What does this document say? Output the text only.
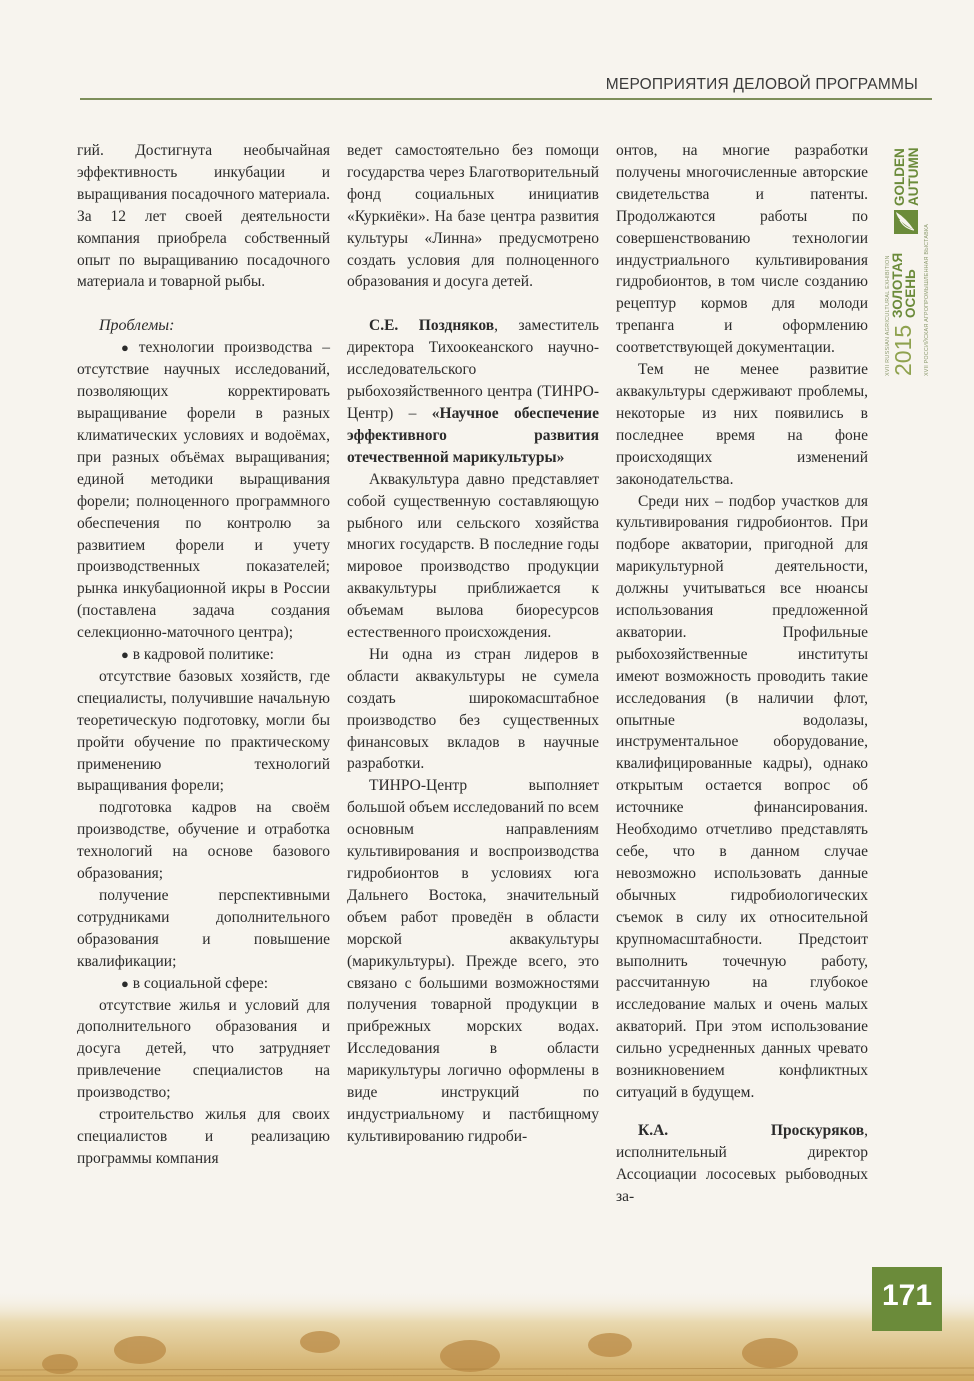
МЕРОПРИЯТИЯ ДЕЛОВОЙ ПРОГРАММЫ
XVII RUSSIAN AGRICULTURAL EXHIBITION 2015
ЗОЛОТАЯ
ОСЕНЬ
GOLDEN AUTUMN
XVII РОССИЙСКАЯ АГРОПРОМЫШЛЕННАЯ ВЫСТАВКА

гий. Достигнута необычайная эффективность инкубации и выращивания посадочного материала. За 12 лет своей деятельности компания приобрела собственный опыт по выращиванию посадочного материала и товарной рыбы.

Проблемы:

● технологии производства – отсутствие научных исследований, позволяющих корректировать выращивание форели в разных климатических условиях и водоёмах, при разных объёмах выращивания; единой методики выращивания форели; полноценного программного обеспечения по контролю за развитием форели и учету производственных показателей; рынка инкубационной икры в России (поставлена задача создания селекционно-маточного центра);

● в кадровой политике:

отсутствие базовых хозяйств, где специалисты, получившие начальную теоретическую подготовку, могли бы пройти обучение по практическому применению технологий выращивания форели;

подготовка кадров на своём производстве, обучение и отработка технологий на основе базового образования;

получение перспективными сотрудниками дополнительного образования и повышение квалификации;

● в социальной сфере:

отсутствие жилья и условий для дополнительного образования и досуга детей, что затрудняет привлечение специалистов на производство;

строительство жилья для своих специалистов и реализацию программы компания

ведет самостоятельно без помощи государства через Благотворительный фонд социальных инициатив «Куркиёки». На базе центра развития культуры «Линна» предусмотрено создать условия для полноценного образования и досуга детей.

С.Е. Поздняков, заместитель директора Тихоокеанского научно-исследовательского рыбохозяйственного центра (ТИНРО-Центр) – «Научное обеспечение эффективного развития отечественной марикультуры»

Аквакультура давно представляет собой существенную составляющую рыбного или сельского хозяйства многих государств. В последние годы мировое производство продукции аквакультуры приближается к объемам вылова биоресурсов естественного происхождения.

Ни одна из стран лидеров в области аквакультуры не сумела создать широкомасштабное производство без существенных финансовых вкладов в научные разработки.

ТИНРО-Центр выполняет большой объем исследований по всем основным направлениям культивирования и воспроизводства гидробионтов в условиях юга Дальнего Востока, значительный объем работ проведён в области морской аквакультуры (марикультуры). Прежде всего, это связано с большими возможностями получения товарной продукции в прибрежных морских водах. Исследования в области марикультуры логично оформлены в виде инструкций по индустриальному и пастбищному культивированию гидроби-

онтов, на многие разработки получены многочисленные авторские свидетельства и патенты. Продолжаются работы по совершенствованию технологии индустриального культивирования гидробионтов, в том числе созданию рецептур кормов для молоди трепанга и оформлению соответствующей документации.

Тем не менее развитие аквакультуры сдерживают проблемы, некоторые из них появились в последнее время на фоне происходящих изменений законодательства.

Среди них – подбор участков для культивирования гидробионтов. При подборе акватории, пригодной для марикультурной деятельности, должны учитываться все нюансы использования предложенной акватории. Профильные рыбохозяйственные институты имеют возможность проводить такие исследования (в наличии флот, опытные водолазы, инструментальное оборудование, квалифицированные кадры), однако открытым остается вопрос об источнике финансирования. Необходимо отчетливо представлять себе, что в данном случае невозможно использовать данные обычных гидробиологических съемок в силу их относительной крупномасштабности. Предстоит выполнить точечную работу, рассчитанную на глубокое исследование малых и очень малых акваторий. При этом использование сильно усредненных данных чревато возникновением конфликтных ситуаций в будущем.

К.А. Проскуряков, исполнительный директор Ассоциации лососевых рыбоводных за-

171
